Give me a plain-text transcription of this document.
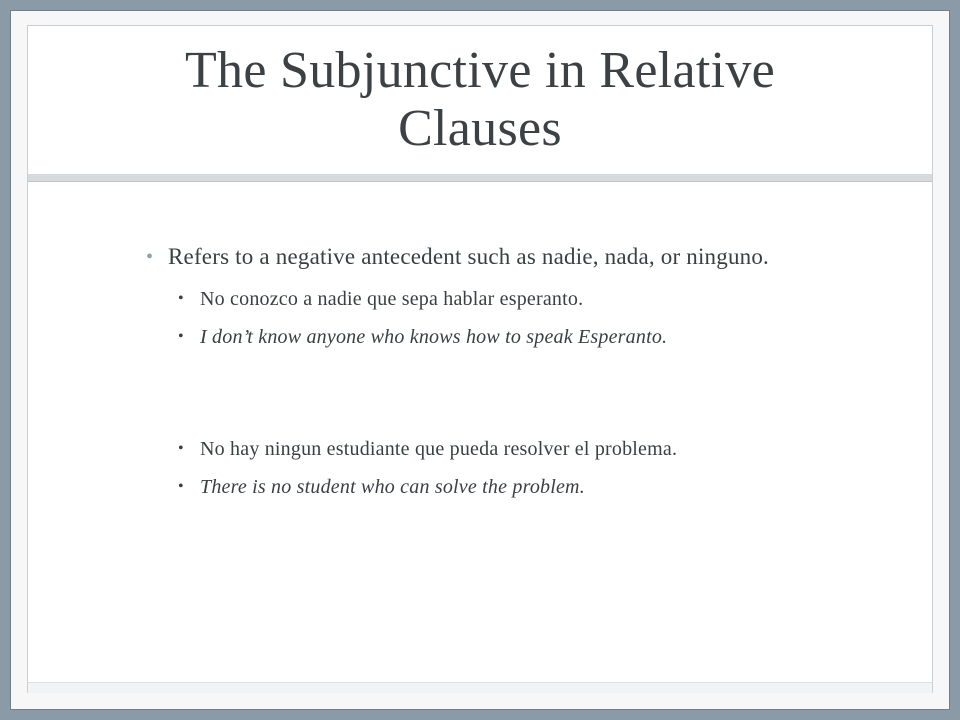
The Subjunctive in Relative Clauses

• Refers to a negative antecedent such as nadie, nada, or ninguno.

• No conozco a nadie que sepa hablar esperanto.

• I don’t know anyone who knows how to speak Esperanto.

• No hay ningun estudiante que pueda resolver el problema.

• There is no student who can solve the problem.
